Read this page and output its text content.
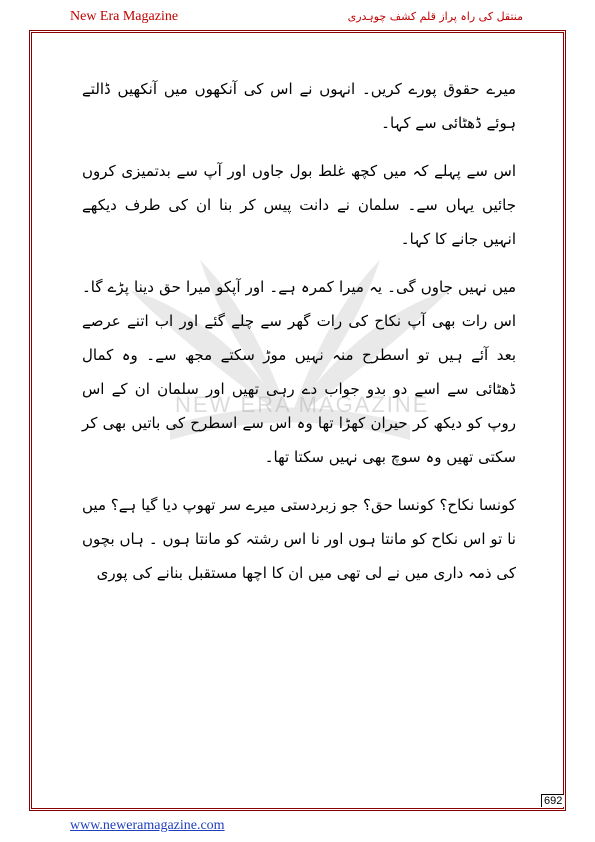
New Era Magazine	منتقل کی راہ پراز قلم کشف چوہدری
NEW ERA MAGAZINE

میرے حقوق پورے کریں۔ انہوں نے اس کی آنکھوں میں آنکھیں ڈالتے ہوئے ڈھٹائی سے کہا۔

اس سے پہلے کہ میں کچھ غلط بول جاوں اور آپ سے بدتمیزی کروں جائیں یہاں سے۔ سلمان نے دانت پیس کر بنا ان کی طرف دیکھے انہیں جانے کا کہا۔

میں نہیں جاوں گی۔ یہ میرا کمرہ ہے۔ اور آپکو میرا حق دینا پڑے گا۔ اس رات بھی آپ نکاح کی رات گھر سے چلے گئے اور اب اتنے عرصے بعد آئے ہیں تو اسطرح منہ نہیں موڑ سکتے مجھ سے۔ وہ کمال ڈھٹائی سے اسے دو بدو جواب دے رہی تھیں اور سلمان ان کے اس روپ کو دیکھ کر حیران کھڑا تھا وہ اس سے اسطرح کی باتیں بھی کر سکتی تھیں وہ سوچ بھی نہیں سکتا تھا۔

کونسا نکاح؟ کونسا حق؟ جو زبردستی میرے سر تھوپ دیا گیا ہے؟ میں نا تو اس نکاح کو مانتا ہوں اور نا اس رشتہ کو مانتا ہوں ۔ ہاں بچوں کی ذمہ داری میں نے لی تھی میں ان کا اچھا مستقبل بنانے کی پوری

692
www.neweramagazine.com
